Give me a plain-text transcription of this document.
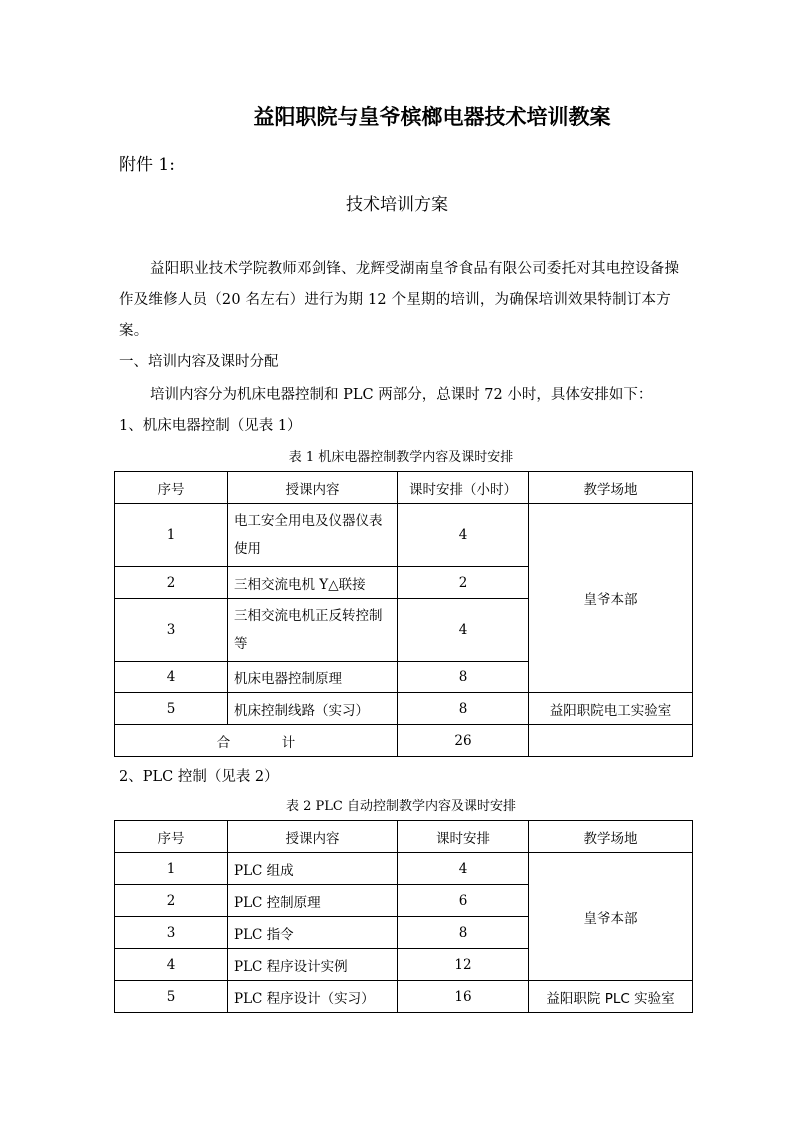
益阳职院与皇爷槟榔电器技术培训教案
附件 1:
技术培训方案
益阳职业技术学院教师邓剑锋、龙辉受湖南皇爷食品有限公司委托对其电控设备操作及维修人员（20 名左右）进行为期 12 个星期的培训，为确保培训效果特制订本方案。
一、培训内容及课时分配
培训内容分为机床电器控制和 PLC 两部分，总课时 72 小时，具体安排如下：
1、机床电器控制（见表 1）
表 1 机床电器控制教学内容及课时安排
序号	授课内容	课时安排（小时）	教学场地
1	电工安全用电及仪器仪表使用	4	皇爷本部
2	三相交流电机 Y△联接	2	
3	三相交流电机正反转控制等	4	
4	机床电器控制原理	8	
5	机床控制线路（实习）	8	益阳职院电工实验室
合            计		26	
2、PLC 控制（见表 2）
表 2 PLC 自动控制教学内容及课时安排
序号	授课内容	课时安排	教学场地
1	PLC 组成	4	皇爷本部
2	PLC 控制原理	6	
3	PLC 指令	8	
4	PLC 程序设计实例	12	
5	PLC 程序设计（实习）	16	益阳职院 PLC 实验室
